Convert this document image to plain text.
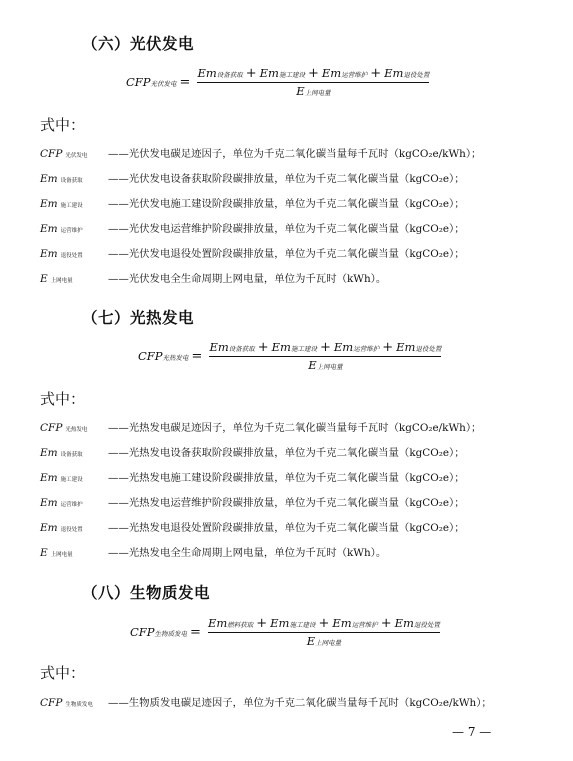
（六）光伏发电
CFP光伏发电 = $\frac{\text{Em设备获取 + Em施工建设 + Em运营维护 + Em退役处置}}{\text{E上网电量}}$
式中：
CFP 光伏发电 ——光伏发电碳足迹因子，单位为千克二氧化碳当量每千瓦时（kgCO₂e/kWh）；
Em 设备获取 ——光伏发电设备获取阶段碳排放量，单位为千克二氧化碳当量（kgCO₂e）；
Em 施工建设 ——光伏发电施工建设阶段碳排放量，单位为千克二氧化碳当量（kgCO₂e）；
Em 运营维护 ——光伏发电运营维护阶段碳排放量，单位为千克二氧化碳当量（kgCO₂e）；
Em 退役处置 ——光伏发电退役处置阶段碳排放量，单位为千克二氧化碳当量（kgCO₂e）；
E 上网电量	——光伏发电全生命周期上网电量，单位为千瓦时（kWh）。
（七）光热发电
CFP光热发电 = $\frac{\text{Em设备获取 + Em施工建设 + Em运营维护 + Em退役处置}}{\text{E上网电量}}$
式中：
CFP 光热发电 ——光热发电碳足迹因子，单位为千克二氧化碳当量每千瓦时（kgCO₂e/kWh）；
Em 设备获取 ——光热发电设备获取阶段碳排放量，单位为千克二氧化碳当量（kgCO₂e）；
Em 施工建设 ——光热发电施工建设阶段碳排放量，单位为千克二氧化碳当量（kgCO₂e）；
Em 运营维护 ——光热发电运营维护阶段碳排放量，单位为千克二氧化碳当量（kgCO₂e）；
Em 退役处置 ——光热发电退役处置阶段碳排放量，单位为千克二氧化碳当量（kgCO₂e）；
E 上网电量	——光热发电全生命周期上网电量，单位为千瓦时（kWh）。
（八）生物质发电
CFP生物质发电 = $\frac{\text{Em燃料获取 + Em施工建设 + Em运营维护 + Em退役处置}}{\text{E上网电量}}$
式中：
CFP 生物质发电 ——生物质发电碳足迹因子，单位为千克二氧化碳当量每千瓦时（kgCO₂e/kWh）；
— 7 —
